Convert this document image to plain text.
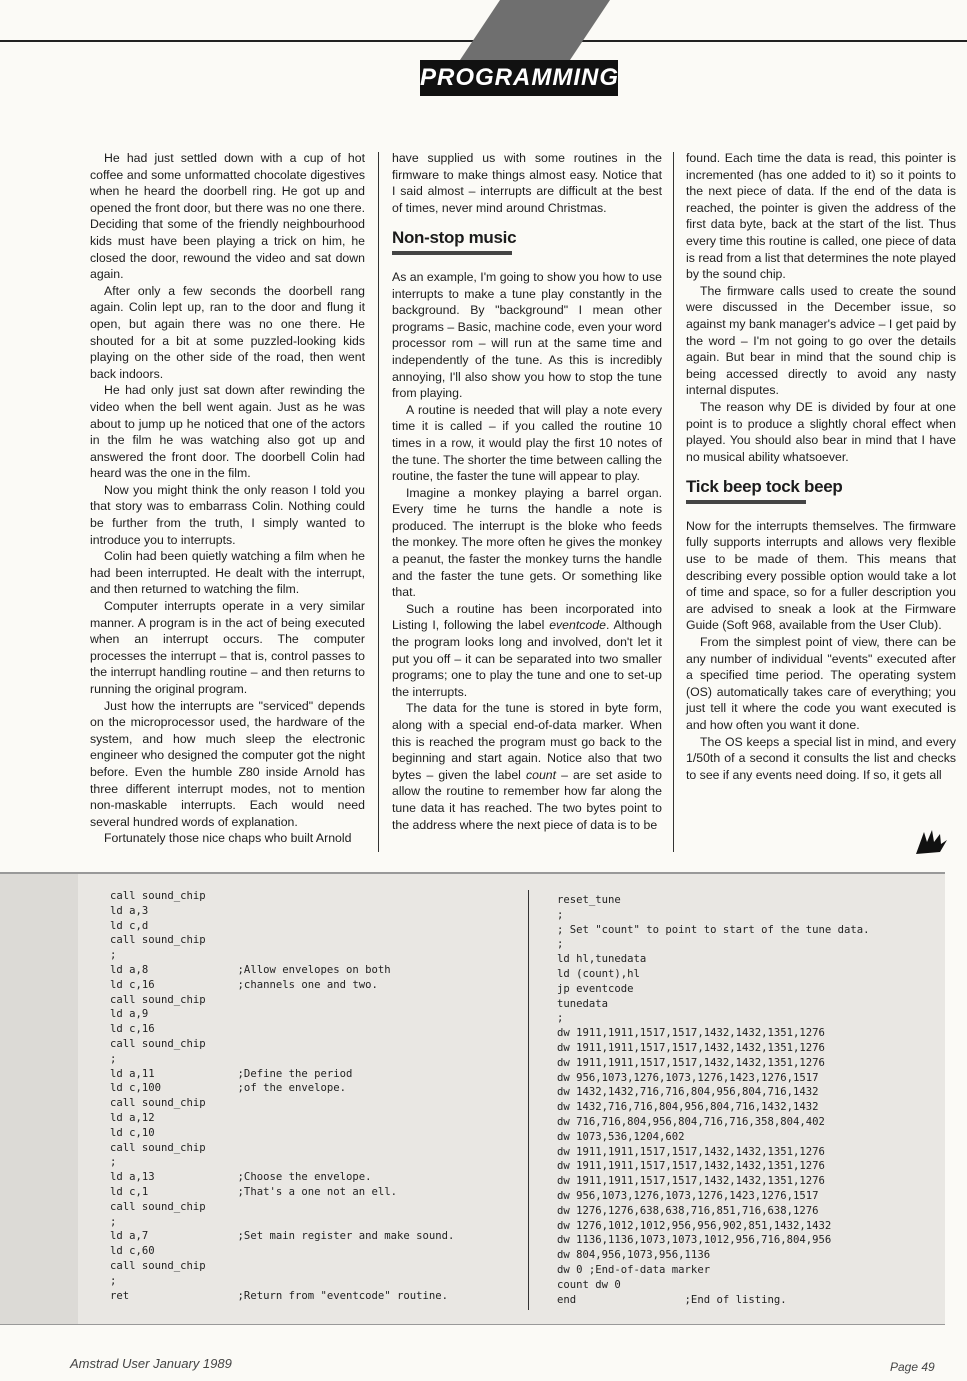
PROGRAMMING

He had just settled down with a cup of hot coffee and some unformatted chocolate digestives when he heard the doorbell ring. He got up and opened the front door, but there was no one there. Deciding that some of the friendly neighbourhood kids must have been playing a trick on him, he closed the door, rewound the video and sat down again.

After only a few seconds the doorbell rang again. Colin lept up, ran to the door and flung it open, but again there was no one there. He shouted for a bit at some puzzled-looking kids playing on the other side of the road, then went back indoors.

He had only just sat down after rewinding the video when the bell went again. Just as he was about to jump up he noticed that one of the actors in the film he was watching also got up and answered the front door. The doorbell Colin had heard was the one in the film.

Now you might think the only reason I told you that story was to embarrass Colin. Nothing could be further from the truth, I simply wanted to introduce you to interrupts.

Colin had been quietly watching a film when he had been interrupted. He dealt with the interrupt, and then returned to watching the film.

Computer interrupts operate in a very similar manner. A program is in the act of being executed when an interrupt occurs. The computer processes the interrupt – that is, control passes to the interrupt handling routine – and then returns to running the original program.

Just how the interrupts are "serviced" depends on the microprocessor used, the hardware of the system, and how much sleep the electronic engineer who designed the computer got the night before. Even the humble Z80 inside Arnold has three different interrupt modes, not to mention non-maskable interrupts. Each would need several hundred words of explanation.

Fortunately those nice chaps who built Arnold

have supplied us with some routines in the firmware to make things almost easy. Notice that I said almost – interrupts are difficult at the best of times, never mind around Christmas.

Non-stop music

As an example, I'm going to show you how to use interrupts to make a tune play constantly in the background. By "background" I mean other programs – Basic, machine code, even your word processor rom – will run at the same time and independently of the tune. As this is incredibly annoying, I'll also show you how to stop the tune from playing.

A routine is needed that will play a note every time it is called – if you called the routine 10 times in a row, it would play the first 10 notes of the tune. The shorter the time between calling the routine, the faster the tune will appear to play.

Imagine a monkey playing a barrel organ. Every time he turns the handle a note is produced. The interrupt is the bloke who feeds the monkey. The more often he gives the monkey a peanut, the faster the monkey turns the handle and the faster the tune gets. Or something like that.

Such a routine has been incorporated into Listing I, following the label eventcode. Although the program looks long and involved, don't let it put you off – it can be separated into two smaller programs; one to play the tune and one to set-up the interrupts.

The data for the tune is stored in byte form, along with a special end-of-data marker. When this is reached the program must go back to the beginning and start again. Notice also that two bytes – given the label count – are set aside to allow the routine to remember how far along the tune data it has reached. The two bytes point to the address where the next piece of data is to be

found. Each time the data is read, this pointer is incremented (has one added to it) so it points to the next piece of data. If the end of the data is reached, the pointer is given the address of the first data byte, back at the start of the list. Thus every time this routine is called, one piece of data is read from a list that determines the note played by the sound chip.

The firmware calls used to create the sound were discussed in the December issue, so against my bank manager's advice – I get paid by the word – I'm not going to go over the details again. But bear in mind that the sound chip is being accessed directly to avoid any nasty internal disputes.

The reason why DE is divided by four at one point is to produce a slightly choral effect when played. You should also bear in mind that I have no musical ability whatsoever.

Tick beep tock beep

Now for the interrupts themselves. The firmware fully supports interrupts and allows very flexible use to be made of them. This means that describing every possible option would take a lot of time and space, so for a fuller description you are advised to sneak a look at the Firmware Guide (Soft 968, available from the User Club).

From the simplest point of view, there can be any number of individual "events" executed after a specified time period. The operating system (OS) automatically takes care of everything; you just tell it where the code you want executed is and how often you want it done.

The OS keeps a special list in mind, and every 1/50th of a second it consults the list and checks to see if any events need doing. If so, it gets all

call sound_chip
ld a,3
ld c,d
call sound_chip
;
ld a,8              ;Allow envelopes on both
ld c,16             ;channels one and two.
call sound_chip
ld a,9
ld c,16
call sound_chip
;
ld a,11             ;Define the period
ld c,100            ;of the envelope.
call sound_chip
ld a,12
ld c,10
call sound_chip
;
ld a,13             ;Choose the envelope.
ld c,1              ;That's a one not an ell.
call sound_chip
;
ld a,7              ;Set main register and make sound.
ld c,60
call sound_chip
;
ret                 ;Return from "eventcode" routine.
reset_tune
;
; Set "count" to point to start of the tune data.
;
ld hl,tunedata
ld (count),hl
jp eventcode
tunedata
;
dw 1911,1911,1517,1517,1432,1432,1351,1276
dw 1911,1911,1517,1517,1432,1432,1351,1276
dw 1911,1911,1517,1517,1432,1432,1351,1276
dw 956,1073,1276,1073,1276,1423,1276,1517
dw 1432,1432,716,716,804,956,804,716,1432
dw 1432,716,716,804,956,804,716,1432,1432
dw 716,716,804,956,804,716,716,358,804,402
dw 1073,536,1204,602
dw 1911,1911,1517,1517,1432,1432,1351,1276
dw 1911,1911,1517,1517,1432,1432,1351,1276
dw 1911,1911,1517,1517,1432,1432,1351,1276
dw 956,1073,1276,1073,1276,1423,1276,1517
dw 1276,1276,638,638,716,851,716,638,1276
dw 1276,1012,1012,956,956,902,851,1432,1432
dw 1136,1136,1073,1073,1012,956,716,804,956
dw 804,956,1073,956,1136
dw 0 ;End-of-data marker
count dw 0
end                 ;End of listing.
Amstrad User January 1989	Page 49
